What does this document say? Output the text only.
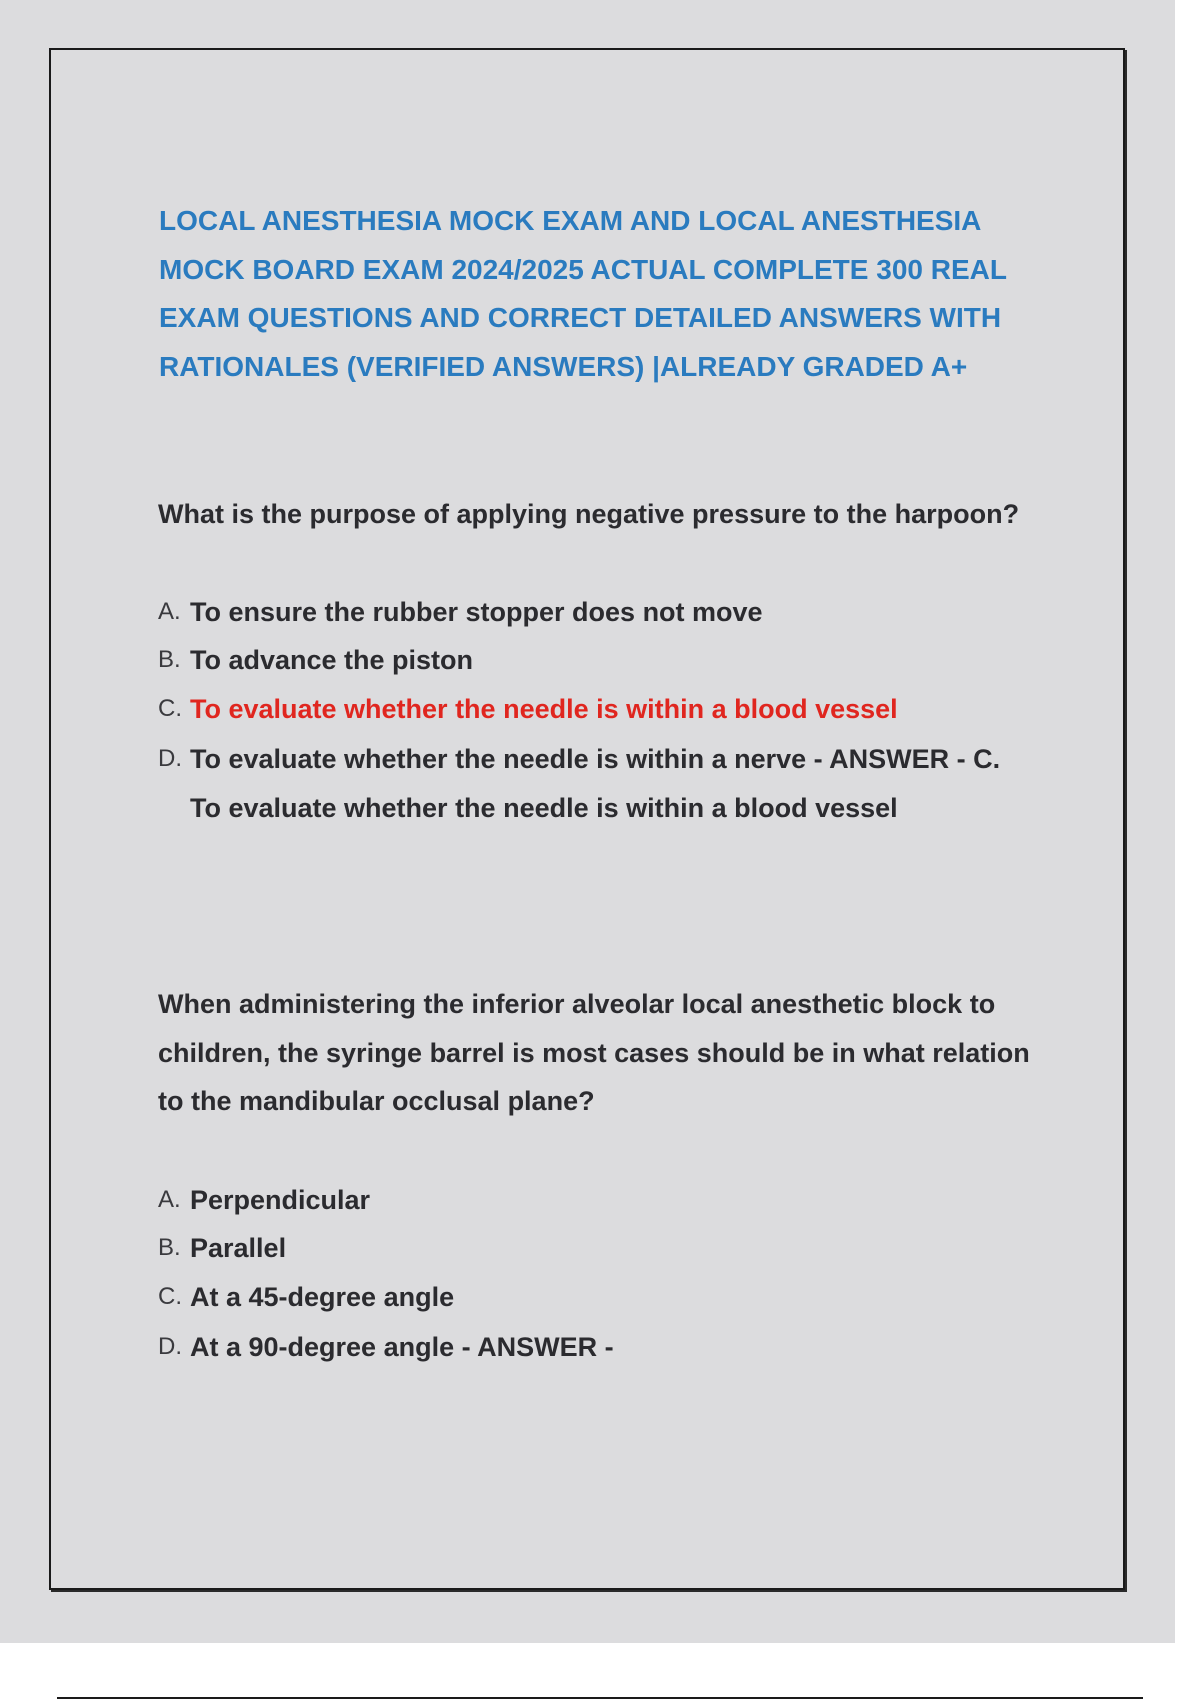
LOCAL ANESTHESIA MOCK EXAM AND LOCAL ANESTHESIA MOCK BOARD EXAM 2024/2025 ACTUAL COMPLETE 300 REAL EXAM QUESTIONS AND CORRECT DETAILED ANSWERS WITH RATIONALES (VERIFIED ANSWERS) |ALREADY GRADED A+

What is the purpose of applying negative pressure to the harpoon?

A. To ensure the rubber stopper does not move
B. To advance the piston
C. To evaluate whether the needle is within a blood vessel
D. To evaluate whether the needle is within a nerve - ANSWER - C. To evaluate whether the needle is within a blood vessel

When administering the inferior alveolar local anesthetic block to children, the syringe barrel is most cases should be in what relation to the mandibular occlusal plane?

A. Perpendicular
B. Parallel
C. At a 45-degree angle
D. At a 90-degree angle - ANSWER -
